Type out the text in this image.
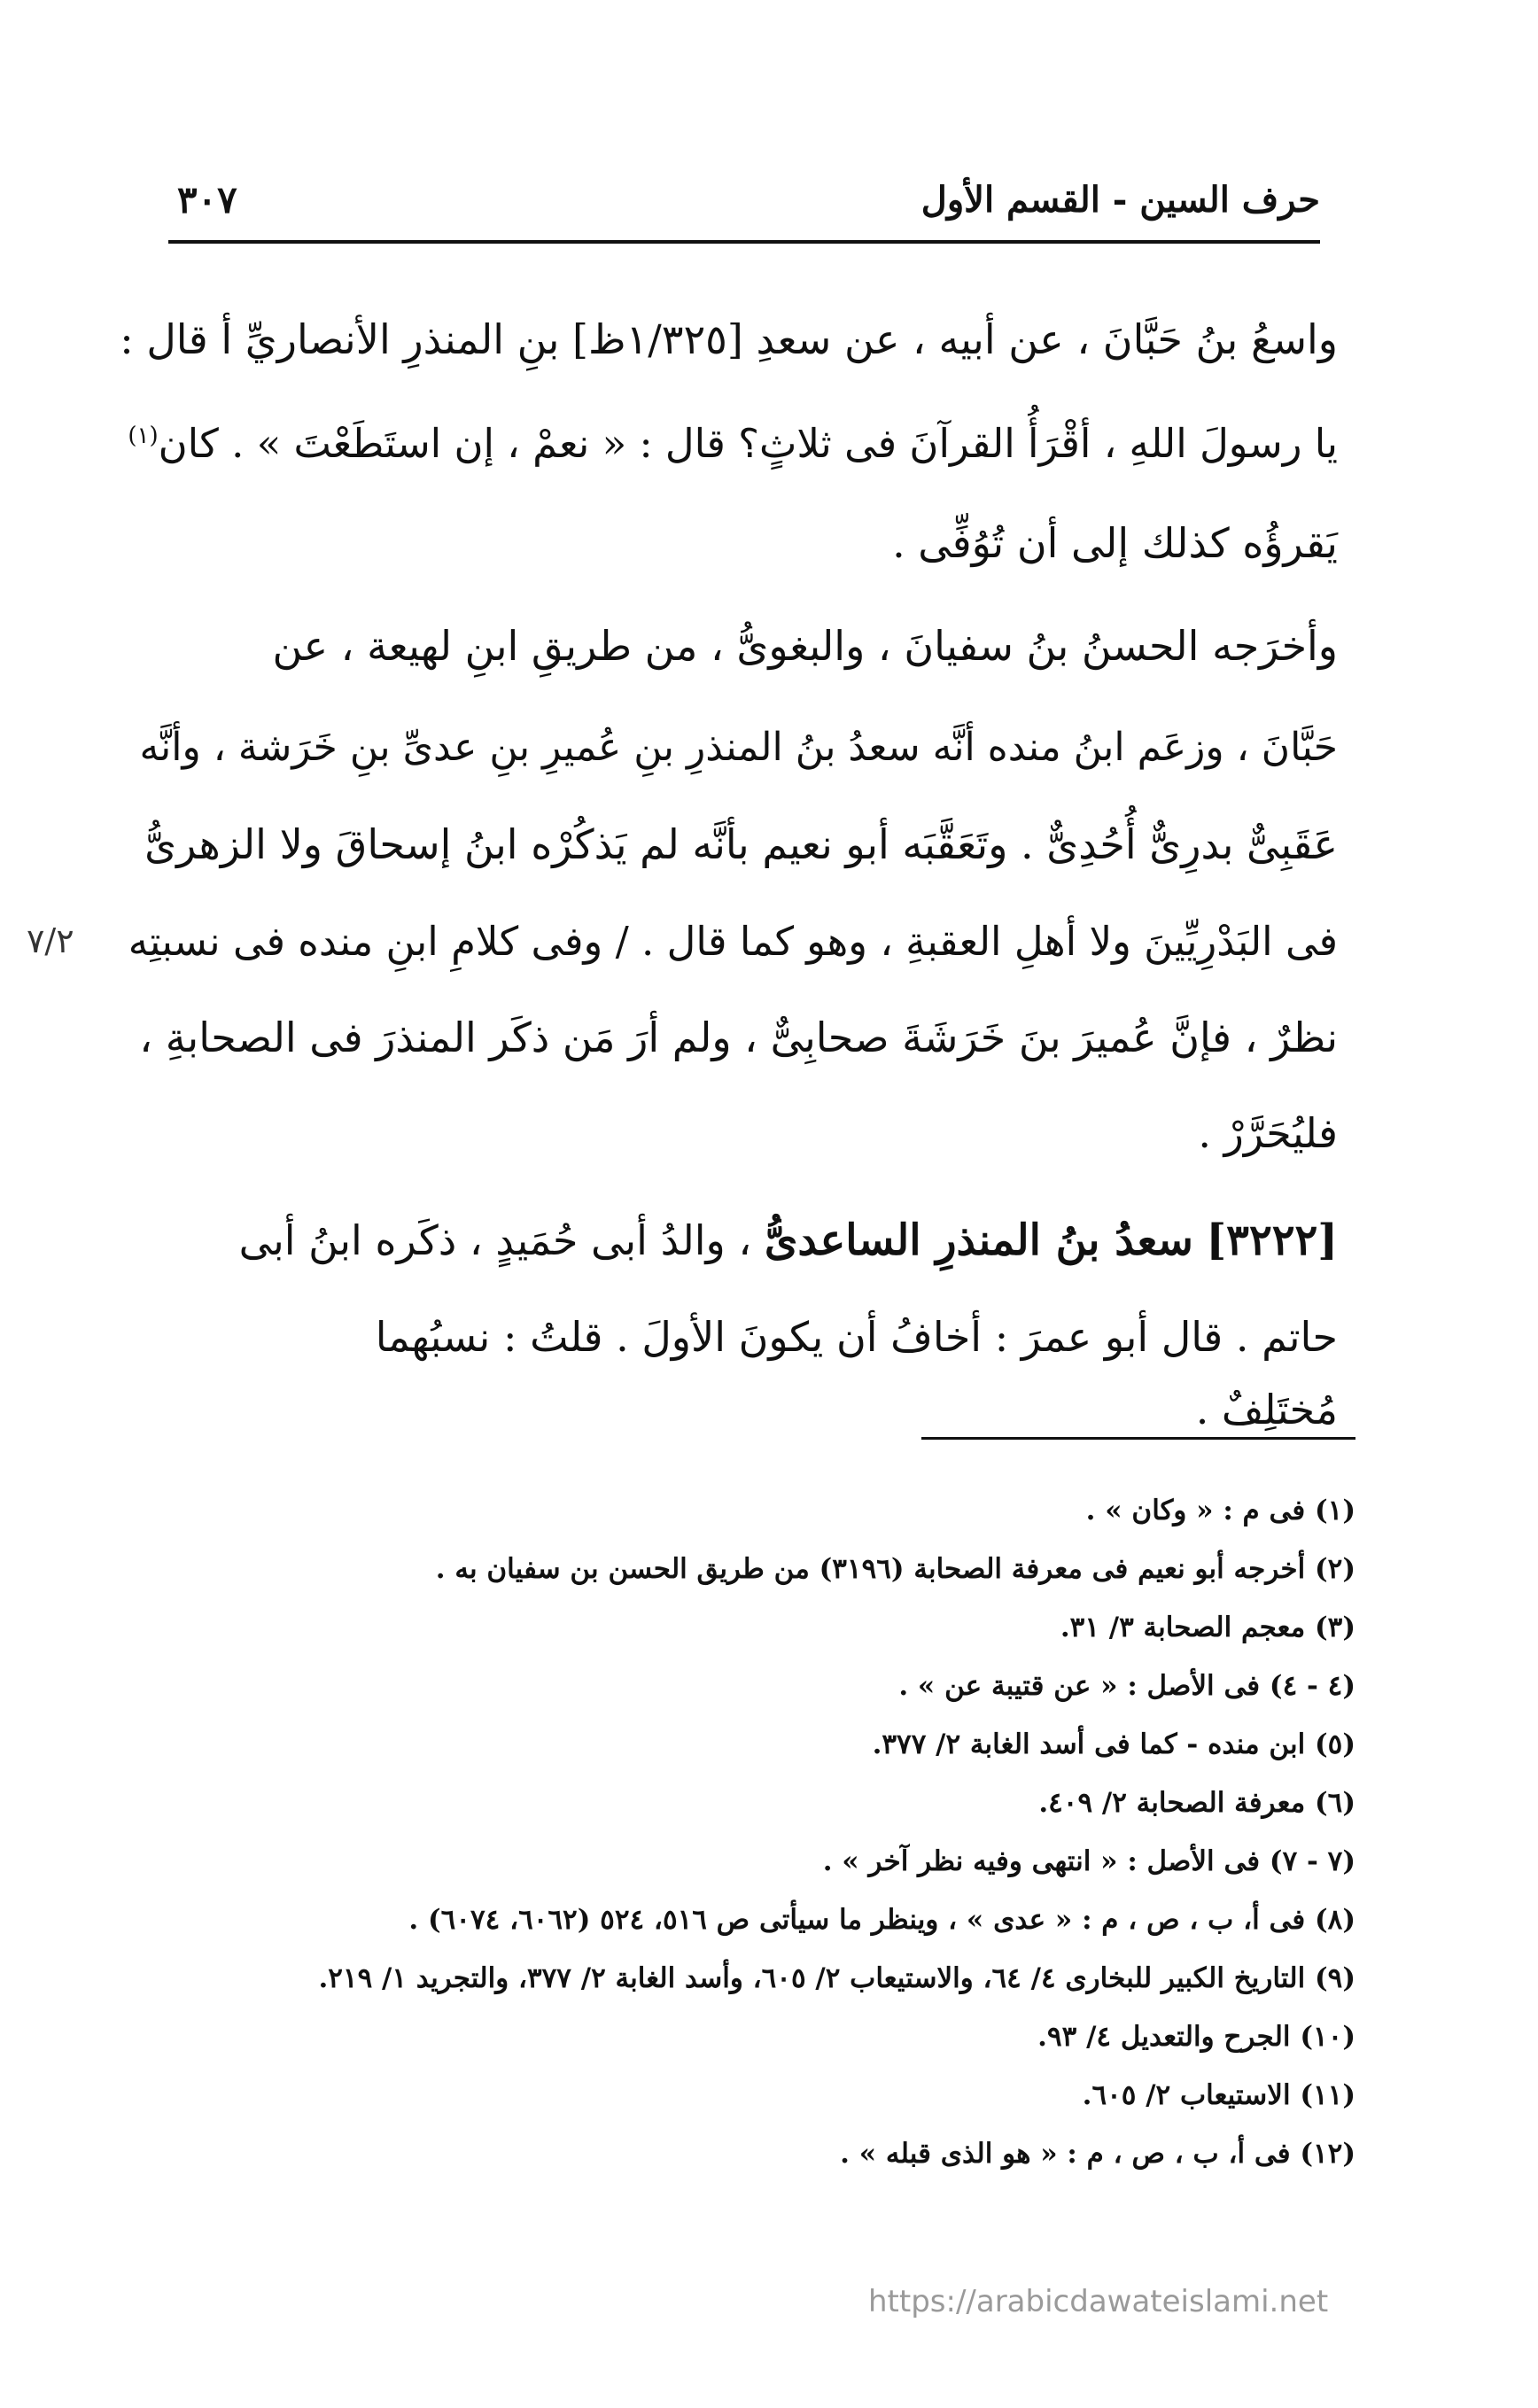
حرف السين - القسم الأول
٣٠٧
واسعُ بنُ حَبَّانَ ، عن أبيه ، عن سعدِ [١/٣٢٥ظ] بنِ المنذرِ الأنصاريِّ أ قال :
يا رسولَ اللهِ ، أقْرَأُ القرآنَ فى ثلاثٍ؟ قال : « نعمْ ، إن استَطَعْتَ » . كان$^{(١)}$
يَقرؤُه كذلك إلى أن تُوُفِّى .
وأخرَجه الحسنُ بنُ سفيانَ ، والبغوىُّ ، من طريقِ ابنِ لهيعة ، عن
حَبَّانَ ، وزعَم ابنُ منده أنَّه سعدُ بنُ المنذرِ بنِ عُميرِ بنِ عدىِّ بنِ خَرَشة ، وأنَّه
عَقَبِىٌّ بدرِىٌّ أُحُدِىٌّ . وتَعَقَّبَه أبو نعيم بأنَّه لم يَذكُرْه ابنُ إسحاقَ ولا الزهرىُّ
فى البَدْرِيِّينَ ولا أهلِ العقبةِ ، وهو كما قال . / وفى كلامِ ابنِ منده فى نسبتِه
نظرٌ ، فإنَّ عُميرَ بنَ خَرَشَةَ صحابِىٌّ ، ولم أرَ مَن ذكَر المنذرَ فى الصحابةِ ،
فليُحَرَّرْ .
٧/٢
[٣٢٢٢] سعدُ بنُ المنذرِ الساعدىُّ ، والدُ أبى حُمَيدٍ ، ذكَره ابنُ أبى
حاتم . قال أبو عمرَ : أخافُ أن يكونَ الأولَ . قلتُ : نسبُهما
مُختَلِفٌ .
(١) فى م : « وكان » .
(٢) أخرجه أبو نعيم فى معرفة الصحابة (٣١٩٦) من طريق الحسن بن سفيان به .
(٣) معجم الصحابة ٣/ ٣١.
(٤ - ٤) فى الأصل : « عن قتيبة عن » .
(٥) ابن منده - كما فى أسد الغابة ٢/ ٣٧٧.
(٦) معرفة الصحابة ٢/ ٤٠٩.
(٧ - ٧) فى الأصل : « انتهى وفيه نظر آخر » .
(٨) فى أ، ب ، ص ، م : « عدى » ، وينظر ما سيأتى ص ٥١٦، ٥٢٤ (٦٠٦٢، ٦٠٧٤) .
(٩) التاريخ الكبير للبخارى ٤/ ٦٤، والاستيعاب ٢/ ٦٠٥، وأسد الغابة ٢/ ٣٧٧، والتجريد ١/ ٢١٩.
(١٠) الجرح والتعديل ٤/ ٩٣.
(١١) الاستيعاب ٢/ ٦٠٥.
(١٢) فى أ، ب ، ص ، م : « هو الذى قبله » .
https://arabicdawateislami.net
